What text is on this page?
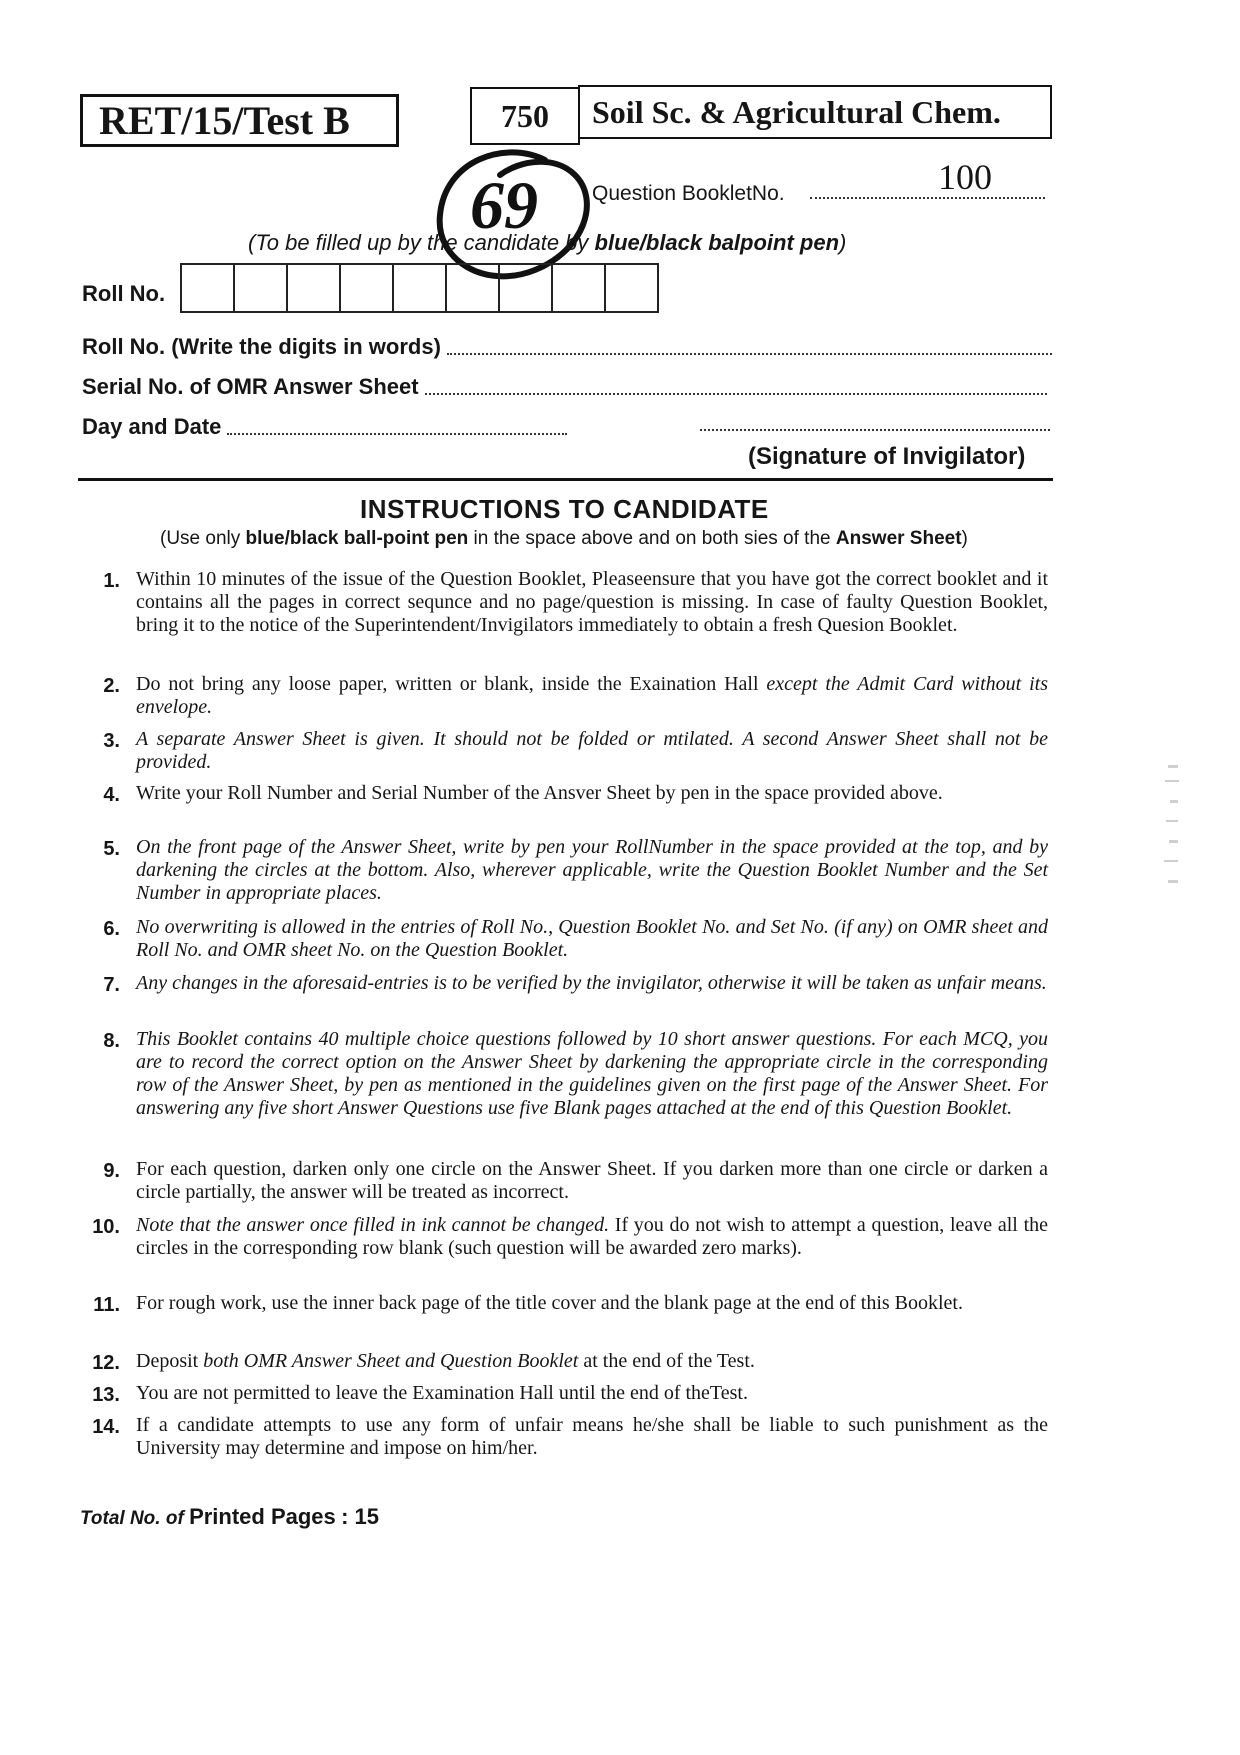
RET/15/Test B	750	Soil Sc. & Agricultural Chem.
69	Question BookletNo.	100
(To be filled up by the candidate by blue/black balpoint pen)
Roll No.
Roll No. (Write the digits in words)
Serial No. of OMR Answer Sheet
Day and Date
(Signature of Invigilator)
INSTRUCTIONS TO CANDIDATE
(Use only blue/black ball-point pen in the space above and on both sies of the Answer Sheet)
1. Within 10 minutes of the issue of the Question Booklet, Pleaseensure that you have got the correct booklet and it contains all the pages in correct sequnce and no page/question is missing. In case of faulty Question Booklet, bring it to the notice of the Superintendent/Invigilators immediately to obtain a fresh Quesion Booklet.
2. Do not bring any loose paper, written or blank, inside the Exaination Hall except the Admit Card without its envelope.
3. A separate Answer Sheet is given. It should not be folded or mtilated. A second Answer Sheet shall not be provided.
4. Write your Roll Number and Serial Number of the Ansver Sheet by pen in the space provided above.
5. On the front page of the Answer Sheet, write by pen your RollNumber in the space provided at the top, and by darkening the circles at the bottom. Also, wherever applicable, write the Question Booklet Number and the Set Number in appropriate places.
6. No overwriting is allowed in the entries of Roll No., Question Booklet No. and Set No. (if any) on OMR sheet and Roll No. and OMR sheet No. on the Question Booklet.
7. Any changes in the aforesaid-entries is to be verified by the invigilator, otherwise it will be taken as unfair means.
8. This Booklet contains 40 multiple choice questions followed by 10 short answer questions. For each MCQ, you are to record the correct option on the Answer Sheet by darkening the appropriate circle in the corresponding row of the Answer Sheet, by pen as mentioned in the guidelines given on the first page of the Answer Sheet. For answering any five short Answer Questions use five Blank pages attached at the end of this Question Booklet.
9. For each question, darken only one circle on the Answer Sheet. If you darken more than one circle or darken a circle partially, the answer will be treated as incorrect.
10. Note that the answer once filled in ink cannot be changed. If you do not wish to attempt a question, leave all the circles in the corresponding row blank (such question will be awarded zero marks).
11. For rough work, use the inner back page of the title cover and the blank page at the end of this Booklet.
12. Deposit both OMR Answer Sheet and Question Booklet at the end of the Test.
13. You are not permitted to leave the Examination Hall until the end of theTest.
14. If a candidate attempts to use any form of unfair means he/she shall be liable to such punishment as the University may determine and impose on him/her.
Total No. of Printed Pages : 15
